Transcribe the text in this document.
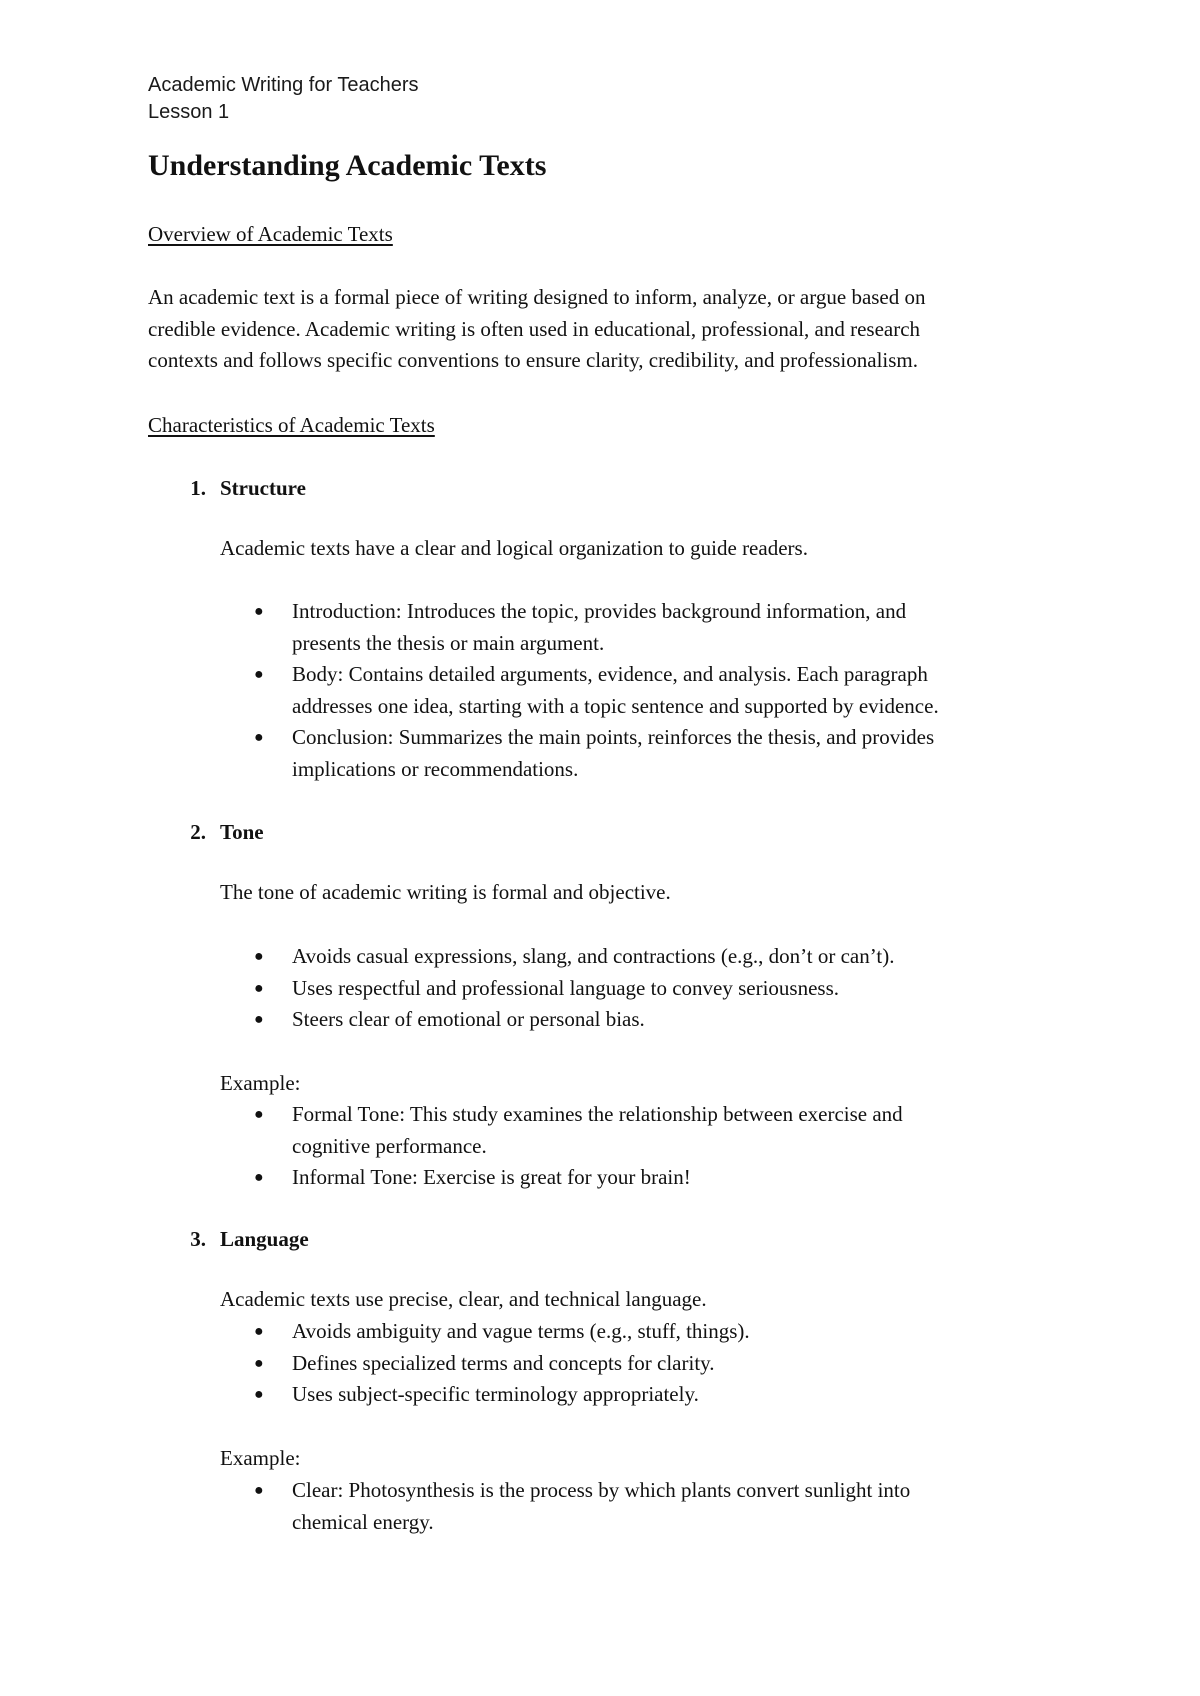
Academic Writing for Teachers
Lesson 1
Understanding Academic Texts
Overview of Academic Texts
An academic text is a formal piece of writing designed to inform, analyze, or argue based on
credible evidence. Academic writing is often used in educational, professional, and research
contexts and follows specific conventions to ensure clarity, credibility, and professionalism.
Characteristics of Academic Texts
1. Structure
Academic texts have a clear and logical organization to guide readers.
● Introduction: Introduces the topic, provides background information, and
presents the thesis or main argument.
● Body: Contains detailed arguments, evidence, and analysis. Each paragraph
addresses one idea, starting with a topic sentence and supported by evidence.
● Conclusion: Summarizes the main points, reinforces the thesis, and provides
implications or recommendations.
2. Tone
The tone of academic writing is formal and objective.
● Avoids casual expressions, slang, and contractions (e.g., don’t or can’t).
● Uses respectful and professional language to convey seriousness.
● Steers clear of emotional or personal bias.
Example:
● Formal Tone: This study examines the relationship between exercise and
cognitive performance.
● Informal Tone: Exercise is great for your brain!
3. Language
Academic texts use precise, clear, and technical language.
● Avoids ambiguity and vague terms (e.g., stuff, things).
● Defines specialized terms and concepts for clarity.
● Uses subject-specific terminology appropriately.
Example:
● Clear: Photosynthesis is the process by which plants convert sunlight into
chemical energy.
